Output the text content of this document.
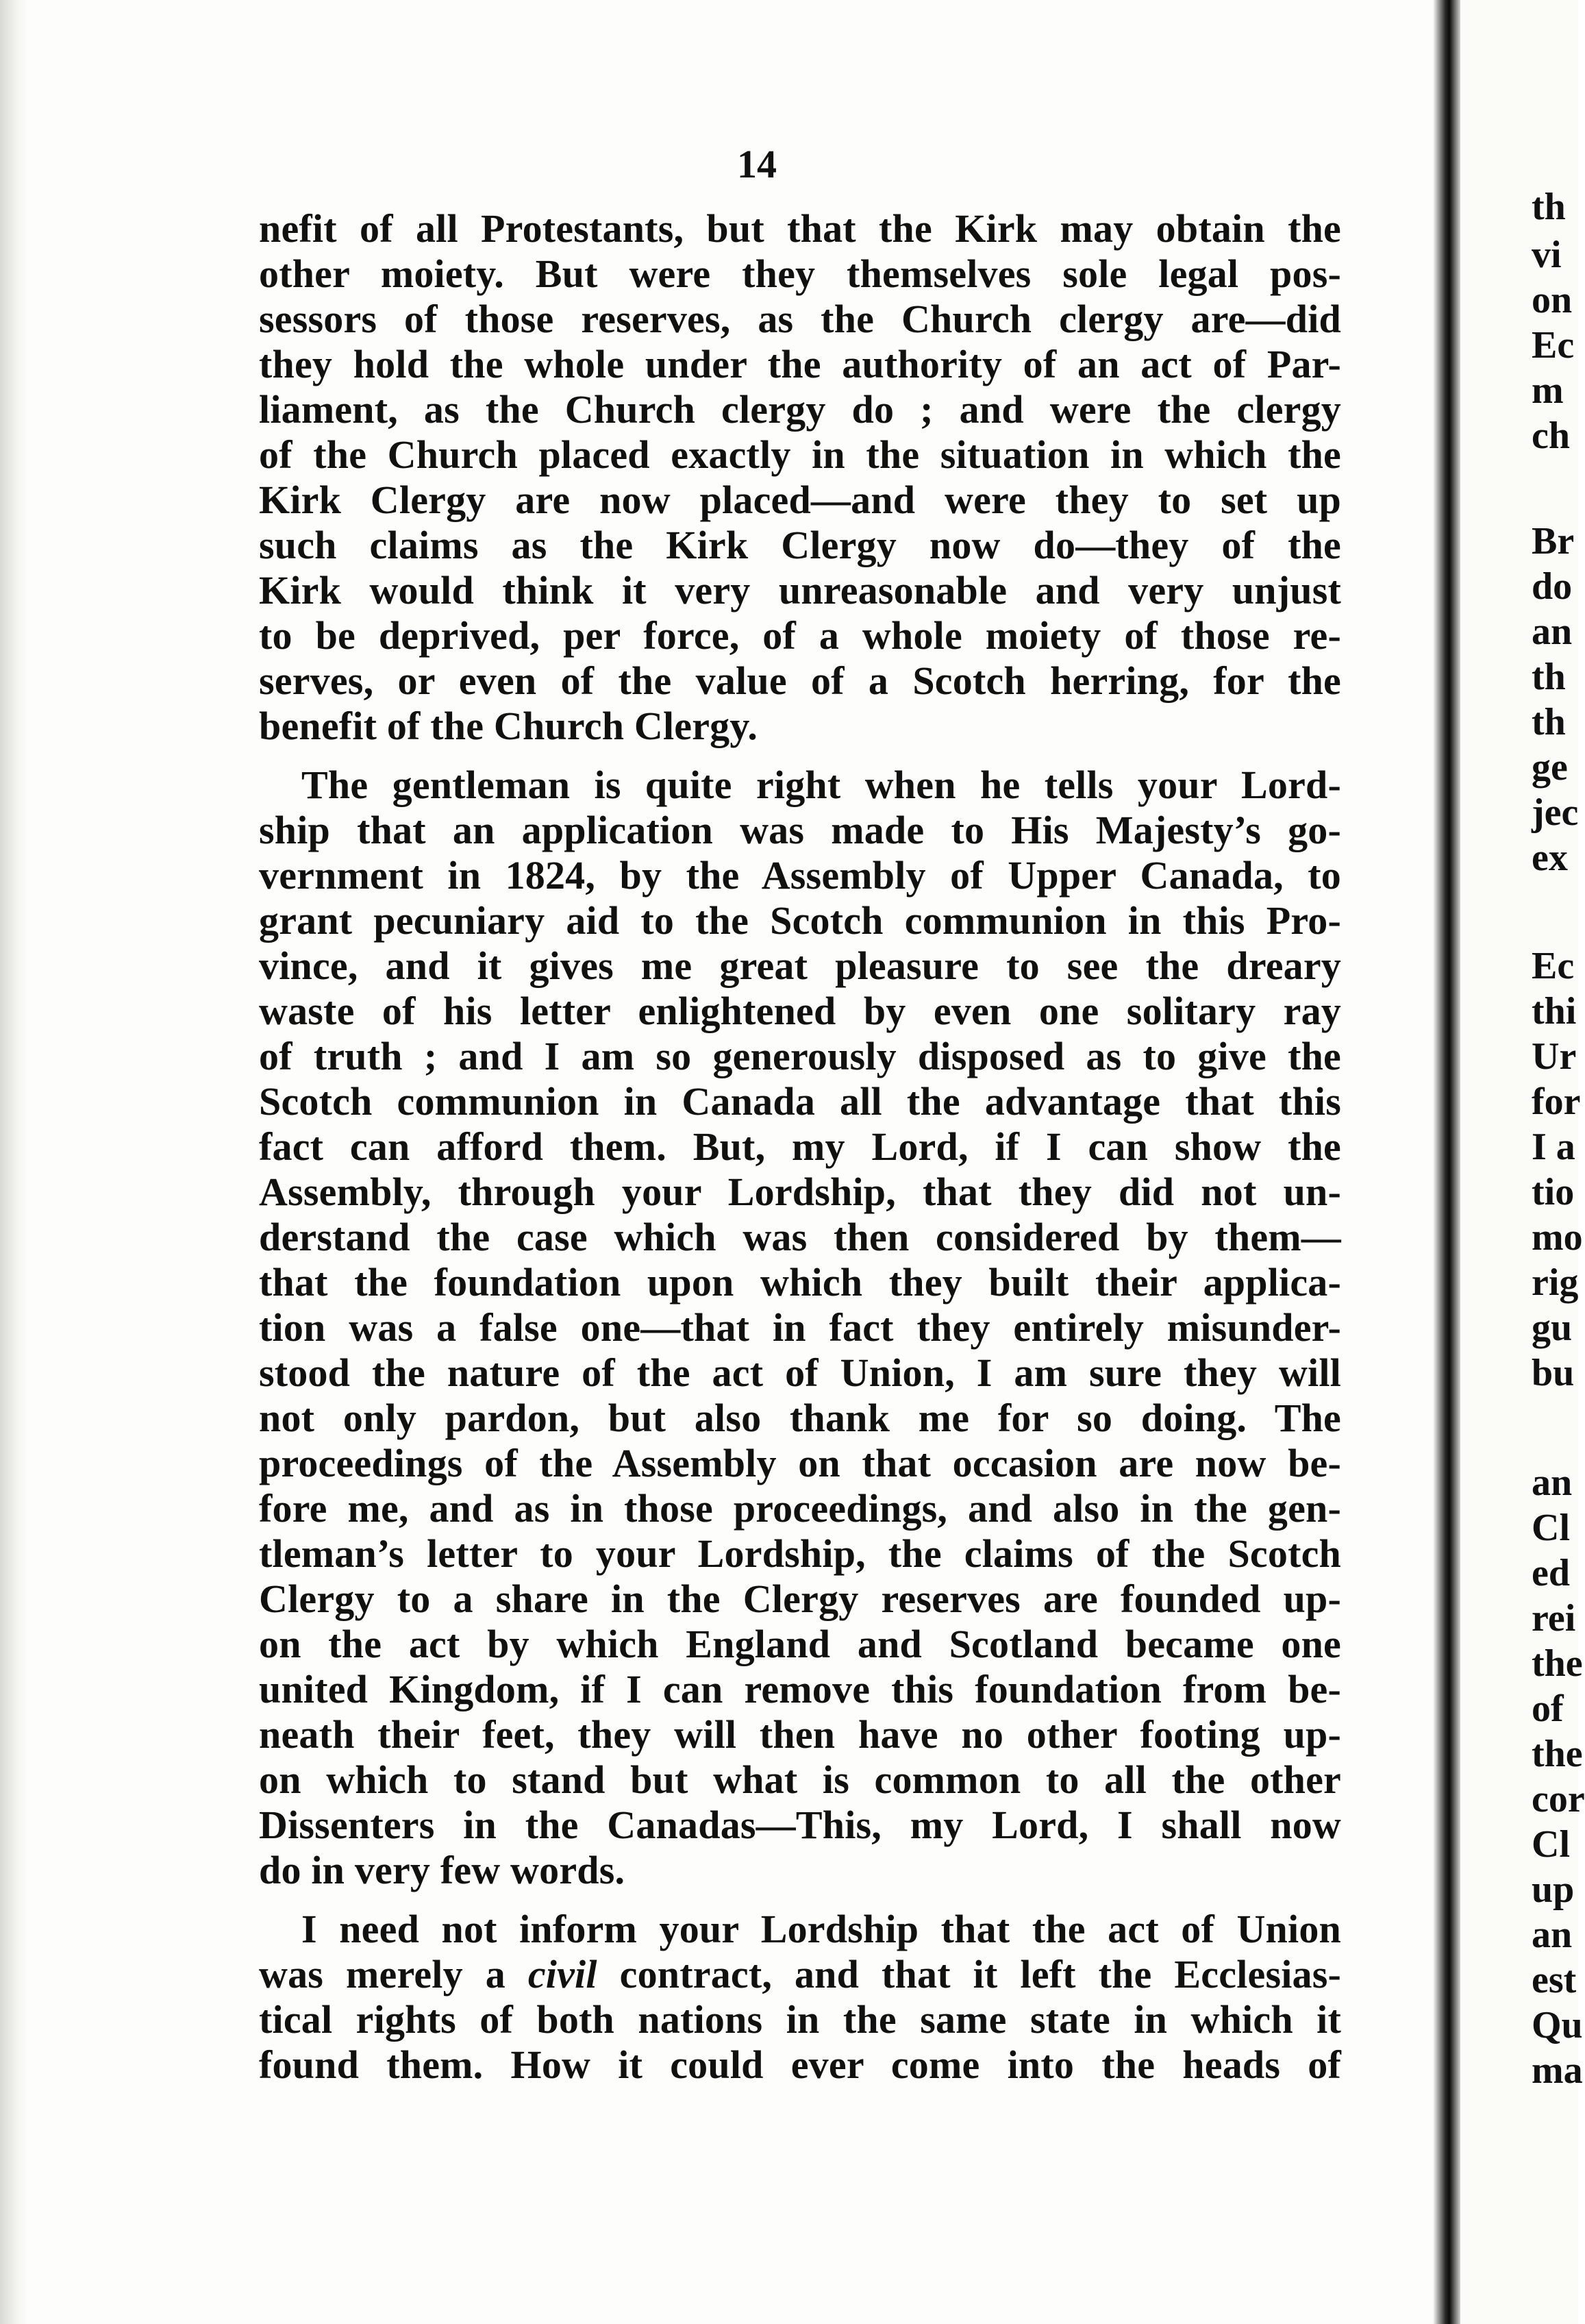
14
nefit of all Protestants, but that the Kirk may obtain the
other moiety. But were they themselves sole legal pos-
sessors of those reserves, as the Church clergy are—did
they hold the whole under the authority of an act of Par-
liament, as the Church clergy do ; and were the clergy
of the Church placed exactly in the situation in which the
Kirk Clergy are now placed—and were they to set up
such claims as the Kirk Clergy now do—they of the
Kirk would think it very unreasonable and very unjust
to be deprived, per force, of a whole moiety of those re-
serves, or even of the value of a Scotch herring, for the
benefit of the Church Clergy.
The gentleman is quite right when he tells your Lord-
ship that an application was made to His Majesty’s go-
vernment in 1824, by the Assembly of Upper Canada, to
grant pecuniary aid to the Scotch communion in this Pro-
vince, and it gives me great pleasure to see the dreary
waste of his letter enlightened by even one solitary ray
of truth ; and I am so generously disposed as to give the
Scotch communion in Canada all the advantage that this
fact can afford them. But, my Lord, if I can show the
Assembly, through your Lordship, that they did not un-
derstand the case which was then considered by them—
that the foundation upon which they built their applica-
tion was a false one—that in fact they entirely misunder-
stood the nature of the act of Union, I am sure they will
not only pardon, but also thank me for so doing. The
proceedings of the Assembly on that occasion are now be-
fore me, and as in those proceedings, and also in the gen-
tleman’s letter to your Lordship, the claims of the Scotch
Clergy to a share in the Clergy reserves are founded up-
on the act by which England and Scotland became one
united Kingdom, if I can remove this foundation from be-
neath their feet, they will then have no other footing up-
on which to stand but what is common to all the other
Dissenters in the Canadas—This, my Lord, I shall now
do in very few words.
I need not inform your Lordship that the act of Union
was merely a civil contract, and that it left the Ecclesias-
tical rights of both nations in the same state in which it
found them. How it could ever come into the heads of
th
vi
on
Ec
m
ch
Br
do
an
th
th
ge
jec
ex
Ec
thi
Ur
for
I a
tio
mo
rig
gu
bu
an
Cl
ed
rei
the
of
the
cor
Cl
up
an
est
Qu
ma
